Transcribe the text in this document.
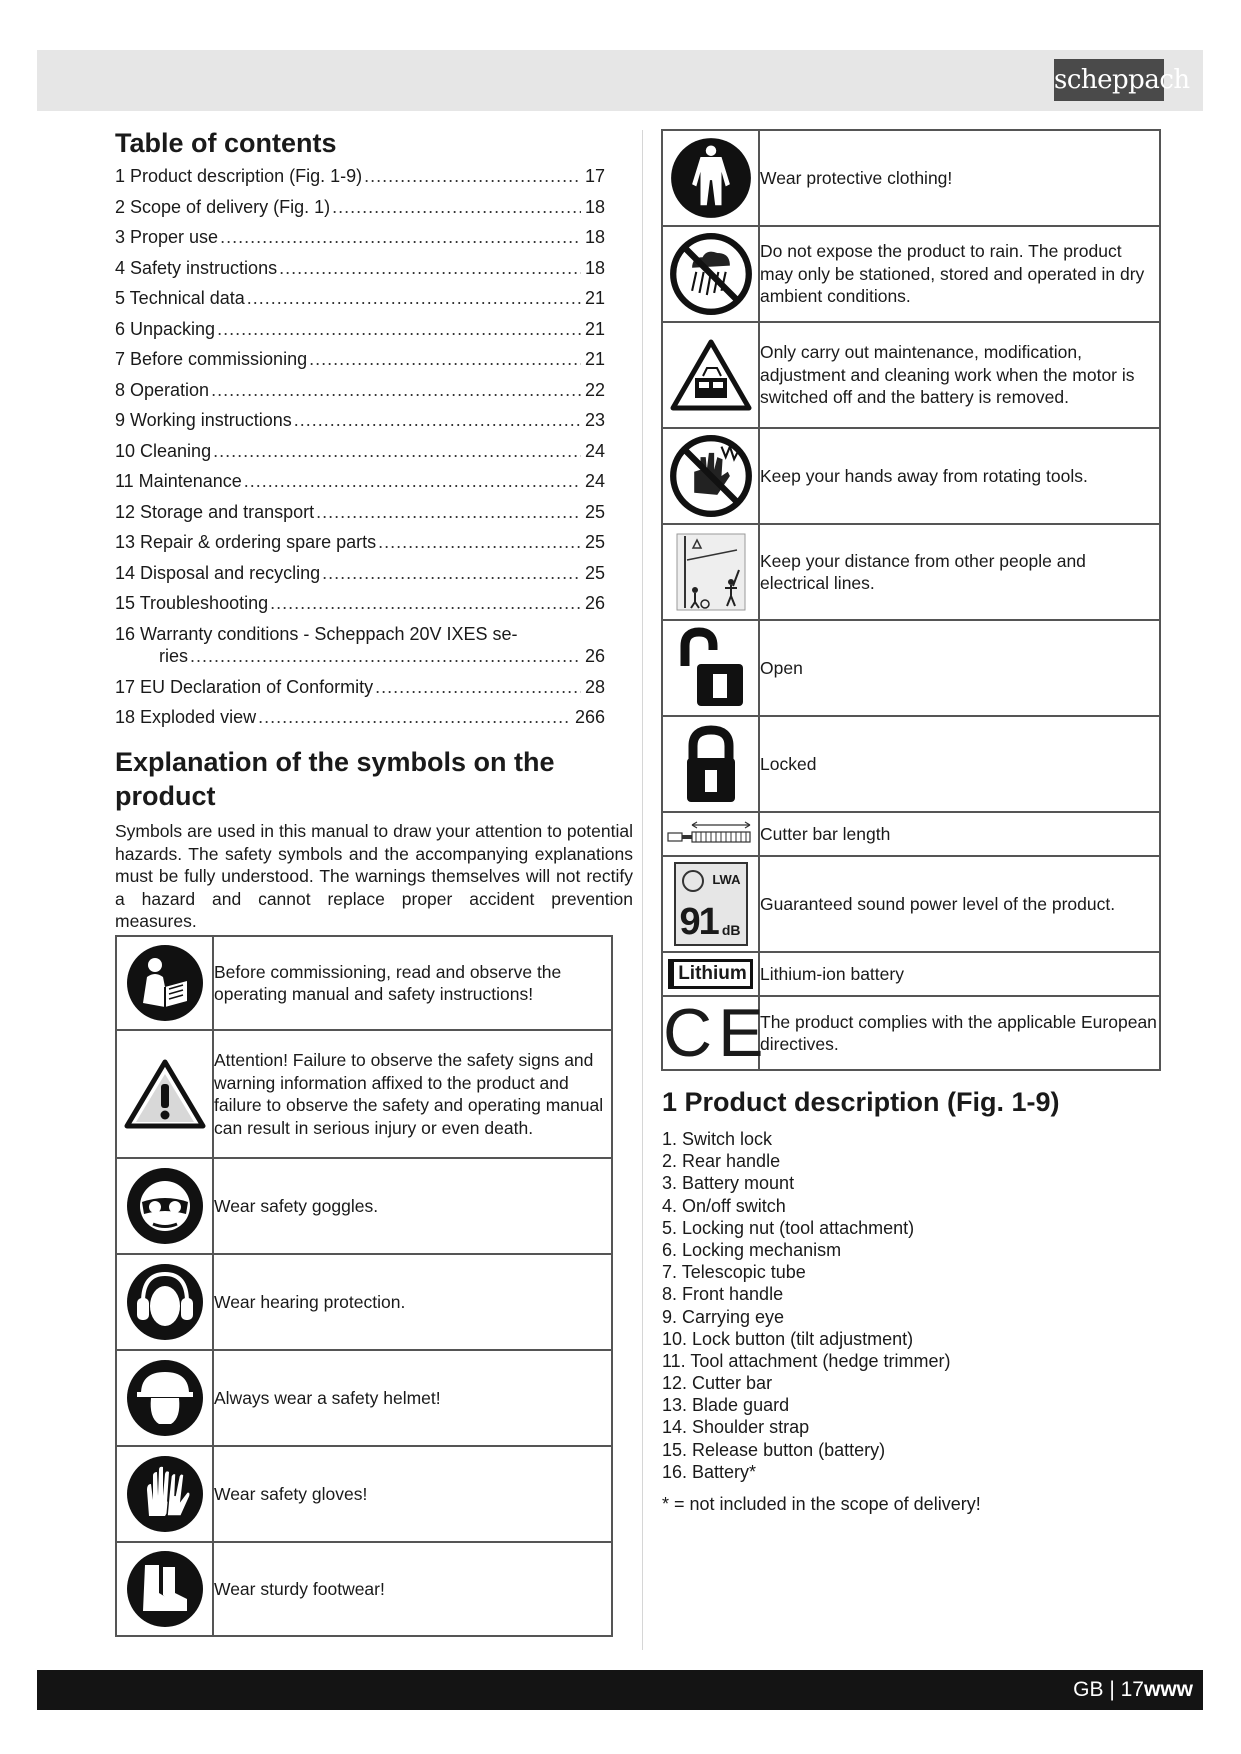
scheppach
Table of contents
1 Product description (Fig. 1-9) .....	17
2 Scope of delivery (Fig. 1) .....	18
3 Proper use .....	18
4 Safety instructions .....	18
5 Technical data .....	21
6 Unpacking .....	21
7 Before commissioning .....	21
8 Operation .....	22
9 Working instructions .....	23
10 Cleaning .....	24
11 Maintenance .....	24
12 Storage and transport .....	25
13 Repair & ordering spare parts .....	25
14 Disposal and recycling .....	25
15 Troubleshooting .....	26
16 Warranty conditions - Scheppach 20V IXES se-
ries .....	26
17 EU Declaration of Conformity .....	28
18 Exploded view .....	266
Explanation of the symbols on the product

Symbols are used in this manual to draw your attention to potential hazards. The safety symbols and the accompanying explanations must be fully understood. The warnings themselves will not rectify a hazard and cannot replace proper accident prevention measures.

	Before commissioning, read and observe the operating manual and safety instructions!

	Attention! Failure to observe the safety signs and warning information affixed to the product and failure to observe the safety and operating manual can result in serious injury or even death.

	Wear safety goggles.

	Wear hearing protection.

	Always wear a safety helmet!

	Wear safety gloves!

	Wear sturdy footwear!
	Wear protective clothing!

	Do not expose the product to rain. The product may only be stationed, stored and operated in dry ambient conditions.

	Only carry out maintenance, modification, adjustment and cleaning work when the motor is switched off and the battery is removed.

	Keep your hands away from rotating tools.

	Keep your distance from other people and electrical lines.

	Open

	Locked

	Cutter bar length

LWA
91 dB	Guaranteed sound power level of the product.
Lithium	Lithium-ion battery
CE	The product complies with the applicable European directives.
1 Product description (Fig. 1-9)
1. Switch lock
2. Rear handle
3. Battery mount
4. On/off switch
5. Locking nut (tool attachment)
6. Locking mechanism
7. Telescopic tube
8. Front handle
9. Carrying eye
10. Lock button (tilt adjustment)
11. Tool attachment (hedge trimmer)
12. Cutter bar
13. Blade guard
14. Shoulder strap
15. Release button (battery)
16. Battery*
* = not included in the scope of delivery!
GB | 17www
